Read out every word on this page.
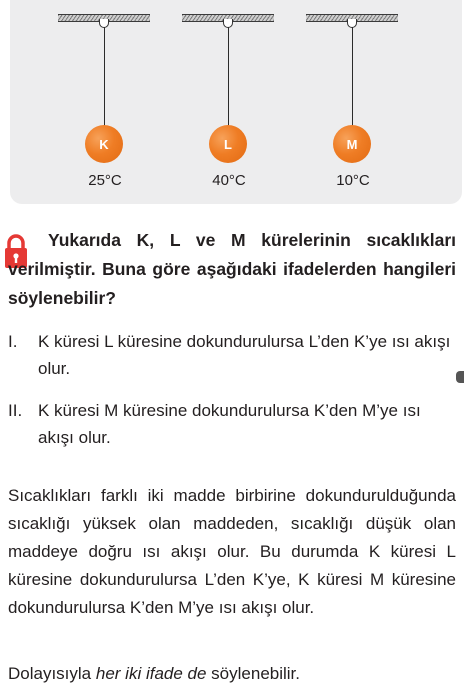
K
25°C
L
40°C
M
10°C
Yukarıda K, L ve M kürelerinin sıcaklıkları verilmiştir. Buna göre aşağıdaki ifadelerden hangileri söylenebilir?
I. K küresi L küresine dokundurulursa L’den K’ye ısı akışı olur.
II. K küresi M küresine dokundurulursa K’den M’ye ısı akışı olur.
Sıcaklıkları farklı iki madde birbirine dokundurulduğunda sıcaklığı yüksek olan maddeden, sıcaklığı düşük olan maddeye doğru ısı akışı olur. Bu durumda K küresi L küresine dokundurulursa L’den K’ye, K küresi M küresine dokundurulursa K’den M’ye ısı akışı olur.
Dolayısıyla her iki ifade de söylenebilir.
